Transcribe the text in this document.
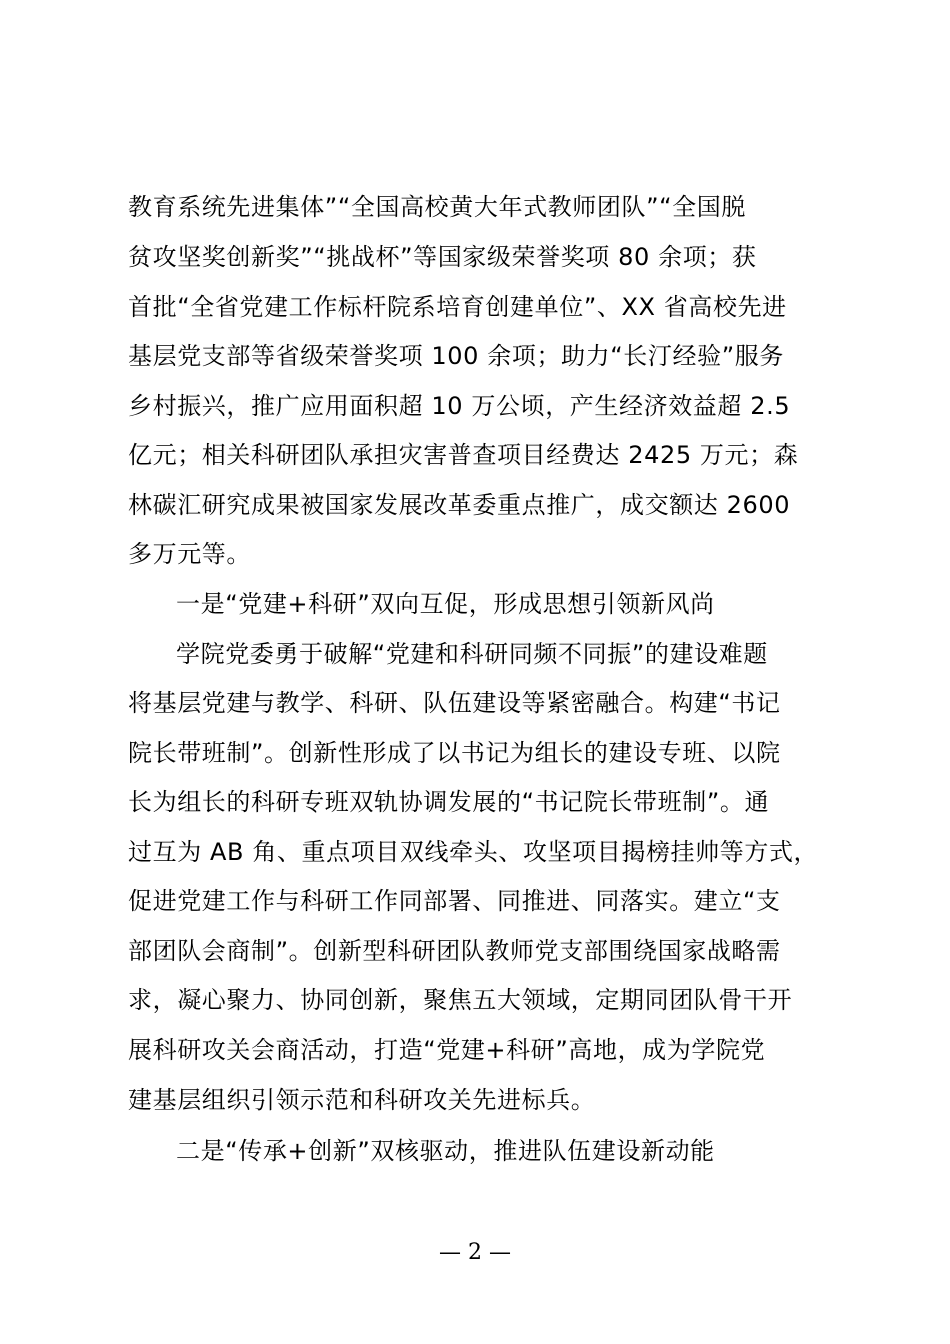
教育系统先进集体”“全国高校黄大年式教师团队”“全国脱
贫攻坚奖创新奖”“挑战杯”等国家级荣誉奖项 80 余项；获
首批“全省党建工作标杆院系培育创建单位”、XX 省高校先进
基层党支部等省级荣誉奖项 100 余项；助力“长汀经验”服务
乡村振兴，推广应用面积超 10 万公顷，产生经济效益超 2.5
亿元；相关科研团队承担灾害普查项目经费达 2425 万元；森
林碳汇研究成果被国家发展改革委重点推广，成交额达 2600
多万元等。
一是“党建+科研”双向互促，形成思想引领新风尚
学院党委勇于破解“党建和科研同频不同振”的建设难题
将基层党建与教学、科研、队伍建设等紧密融合。构建“书记
院长带班制”。创新性形成了以书记为组长的建设专班、以院
长为组长的科研专班双轨协调发展的“书记院长带班制”。通
过互为 AB 角、重点项目双线牵头、攻坚项目揭榜挂帅等方式，
促进党建工作与科研工作同部署、同推进、同落实。建立“支
部团队会商制”。创新型科研团队教师党支部围绕国家战略需
求，凝心聚力、协同创新，聚焦五大领域，定期同团队骨干开
展科研攻关会商活动，打造“党建+科研”高地，成为学院党
建基层组织引领示范和科研攻关先进标兵。
二是“传承+创新”双核驱动，推进队伍建设新动能
— 2 —
